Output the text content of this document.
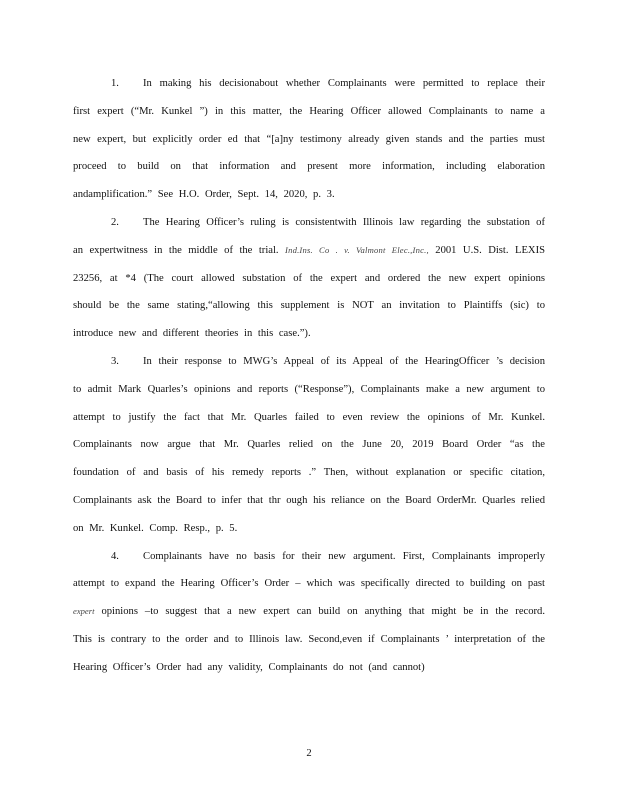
1. In making his decisionabout whether Complainants were permitted to replace their first expert (“Mr. Kunkel ”) in this matter, the Hearing Officer allowed Complainants to name a new expert, but explicitly order ed that “[a]ny testimony already given stands and the parties must proceed to build on that information and present more information, including elaboration andamplification.” See H.O. Order, Sept. 14, 2020, p. 3.

2. The Hearing Officer’s ruling is consistentwith Illinois law regarding the substation of an expertwitness in the middle of the trial. Ind.Ins. Co . v. Valmont Elec.,Inc., 2001 U.S. Dist. LEXIS 23256, at *4 (The court allowed substation of the expert and ordered the new expert opinions should be the same stating,“allowing this supplement is NOT an invitation to Plaintiffs (sic) to introduce new and different theories in this case.”).

3. In their response to MWG’s Appeal of its Appeal of the HearingOfficer ’s decision to admit Mark Quarles’s opinions and reports (“Response”), Complainants make a new argument to attempt to justify the fact that Mr. Quarles failed to even review the opinions of Mr. Kunkel. Complainants now argue that Mr. Quarles relied on the June 20, 2019 Board Order “as the foundation of and basis of his remedy reports .” Then, without explanation or specific citation, Complainants ask the Board to infer that thr ough his reliance on the Board OrderMr. Quarles relied on Mr. Kunkel. Comp. Resp., p. 5.

4. Complainants have no basis for their new argument. First, Complainants improperly attempt to expand the Hearing Officer’s Order – which was specifically directed to building on past expert opinions –to suggest that a new expert can build on anything that might be in the record. This is contrary to the order and to Illinois law. Second,even if Complainants ’ interpretation of the Hearing Officer’s Order had any validity, Complainants do not (and cannot)

2
